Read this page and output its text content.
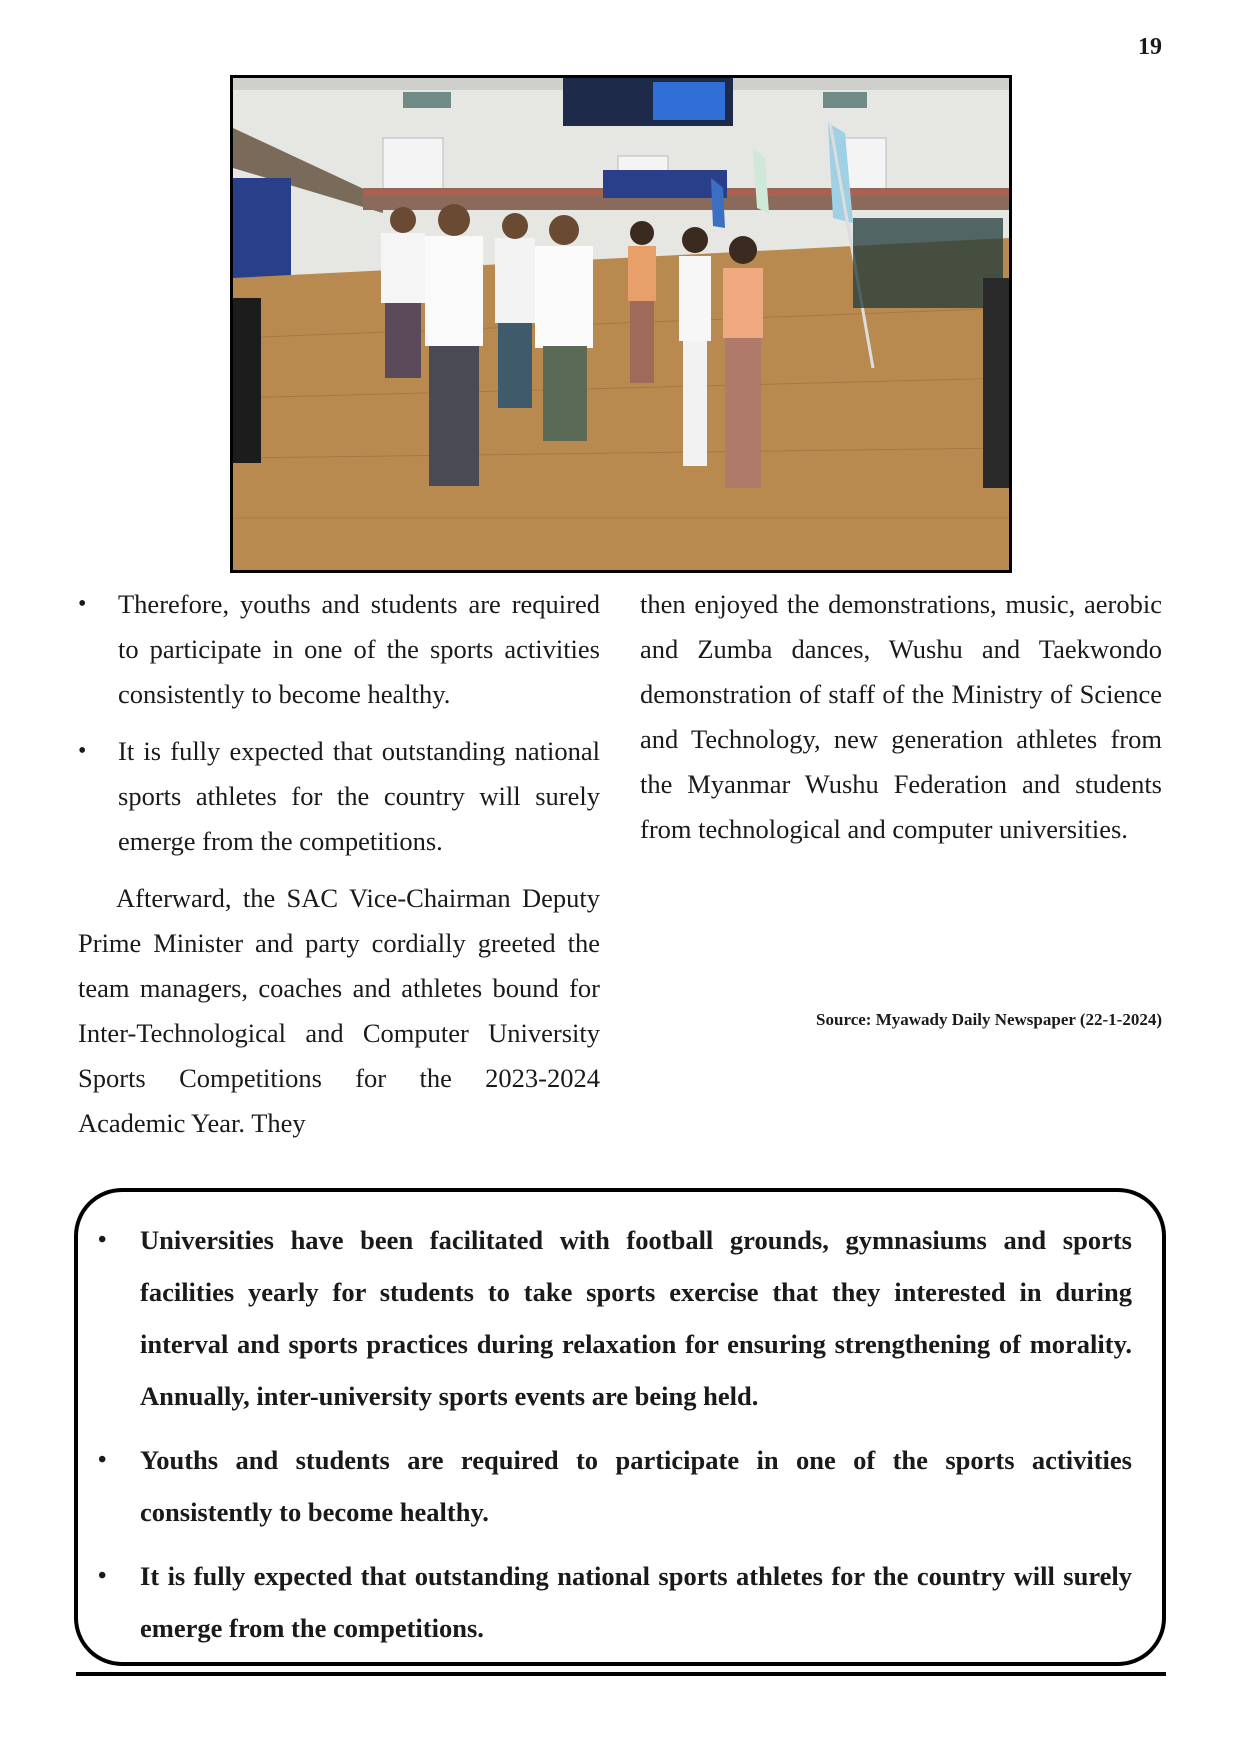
19
• Therefore, youths and students are required to participate in one of the sports activities consistently to become healthy.
• It is fully expected that outstanding national sports athletes for the country will surely emerge from the competitions.

Afterward, the SAC Vice-Chairman Deputy Prime Minister and party cordially greeted the team managers, coaches and athletes bound for Inter-Technological and Computer University Sports Competitions for the 2023-2024 Academic Year. They

then enjoyed the demonstrations, music, aerobic and Zumba dances, Wushu and Taekwondo demonstration of staff of the Ministry of Science and Technology, new generation athletes from the Myanmar Wushu Federation and students from technological and computer universities.

Source: Myawady Daily Newspaper (22-1-2024)
• Universities have been facilitated with football grounds, gymnasiums and sports facilities yearly for students to take sports exercise that they interested in during interval and sports practices during relaxation for ensuring strengthening of morality. Annually, inter-university sports events are being held.
• Youths and students are required to participate in one of the sports activities consistently to become healthy.
• It is fully expected that outstanding national sports athletes for the country will surely emerge from the competitions.
